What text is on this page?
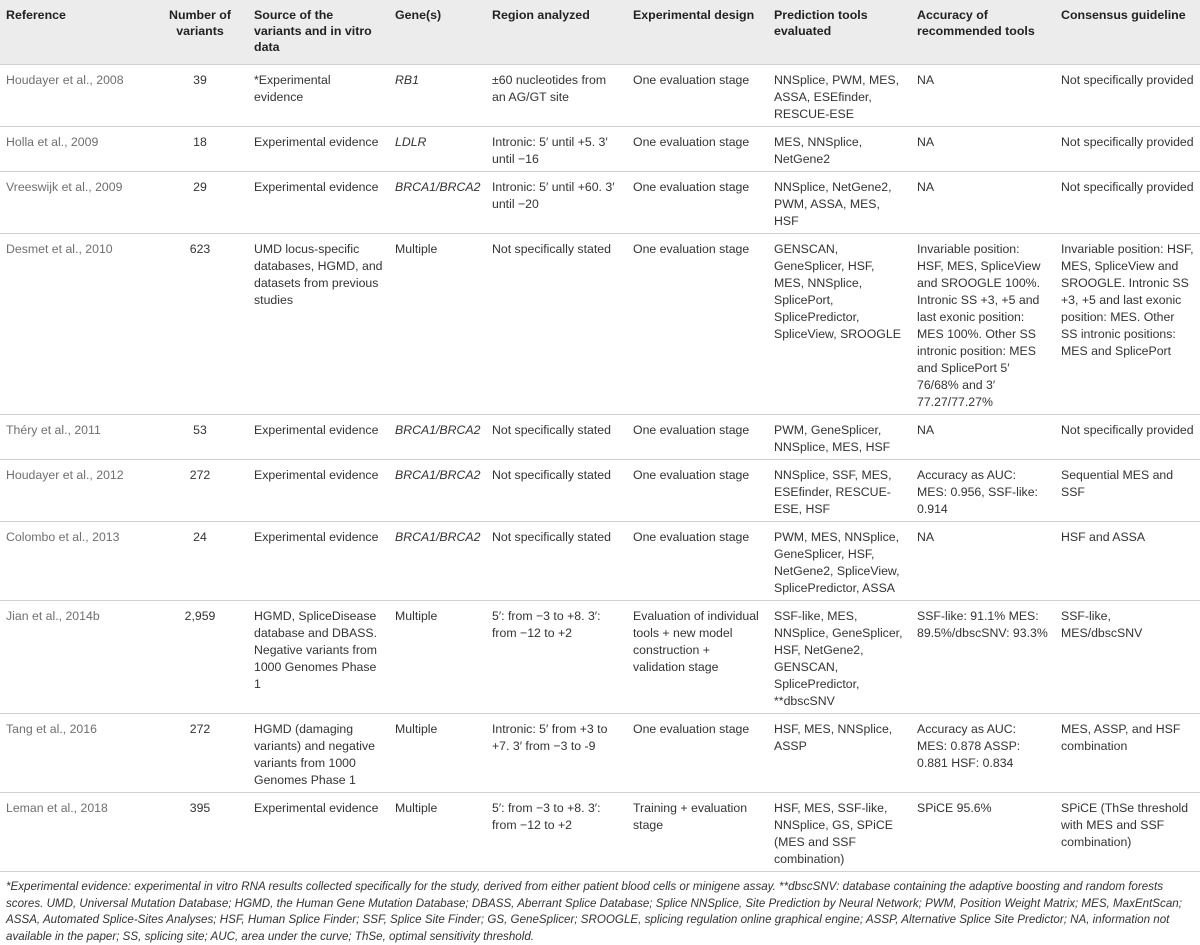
Reference	Number of variants	Source of the variants and in vitro data	Gene(s)	Region analyzed	Experimental design	Prediction tools evaluated	Accuracy of recommended tools	Consensus guideline
Houdayer et al., 2008	39	*Experimental evidence	RB1	±60 nucleotides from an AG/GT site	One evaluation stage	NNSplice, PWM, MES, ASSA, ESEfinder, RESCUE-ESE	NA	Not specifically provided
Holla et al., 2009	18	Experimental evidence	LDLR	Intronic: 5′ until +5. 3′ until −16	One evaluation stage	MES, NNSplice, NetGene2	NA	Not specifically provided
Vreeswijk et al., 2009	29	Experimental evidence	BRCA1/BRCA2	Intronic: 5′ until +60. 3′ until −20	One evaluation stage	NNSplice, NetGene2, PWM, ASSA, MES, HSF	NA	Not specifically provided
Desmet et al., 2010	623	UMD locus-specific databases, HGMD, and datasets from previous studies	Multiple	Not specifically stated	One evaluation stage	GENSCAN, GeneSplicer, HSF, MES, NNSplice, SplicePort, SplicePredictor, SpliceView, SROOGLE	Invariable position: HSF, MES, SpliceView and SROOGLE 100%. Intronic SS +3, +5 and last exonic position: MES 100%. Other SS intronic position: MES and SplicePort 5′ 76/68% and 3′ 77.27/77.27%	Invariable position: HSF, MES, SpliceView and SROOGLE. Intronic SS +3, +5 and last exonic position: MES. Other SS intronic positions: MES and SplicePort
Théry et al., 2011	53	Experimental evidence	BRCA1/BRCA2	Not specifically stated	One evaluation stage	PWM, GeneSplicer, NNSplice, MES, HSF	NA	Not specifically provided
Houdayer et al., 2012	272	Experimental evidence	BRCA1/BRCA2	Not specifically stated	One evaluation stage	NNSplice, SSF, MES, ESEfinder, RESCUE-ESE, HSF	Accuracy as AUC: MES: 0.956, SSF-like: 0.914	Sequential MES and SSF
Colombo et al., 2013	24	Experimental evidence	BRCA1/BRCA2	Not specifically stated	One evaluation stage	PWM, MES, NNSplice, GeneSplicer, HSF, NetGene2, SpliceView, SplicePredictor, ASSA	NA	HSF and ASSA
Jian et al., 2014b	2,959	HGMD, SpliceDisease database and DBASS. Negative variants from 1000 Genomes Phase 1	Multiple	5′: from −3 to +8. 3′: from −12 to +2	Evaluation of individual tools + new model construction + validation stage	SSF-like, MES, NNSplice, GeneSplicer, HSF, NetGene2, GENSCAN, SplicePredictor, **dbscSNV	SSF-like: 91.1% MES: 89.5%/dbscSNV: 93.3%	SSF-like, MES/dbscSNV
Tang et al., 2016	272	HGMD (damaging variants) and negative variants from 1000 Genomes Phase 1	Multiple	Intronic: 5′ from +3 to +7. 3′ from −3 to -9	One evaluation stage	HSF, MES, NNSplice, ASSP	Accuracy as AUC: MES: 0.878 ASSP: 0.881 HSF: 0.834	MES, ASSP, and HSF combination
Leman et al., 2018	395	Experimental evidence	Multiple	5′: from −3 to +8. 3′: from −12 to +2	Training + evaluation stage	HSF, MES, SSF-like, NNSplice, GS, SPiCE (MES and SSF combination)	SPiCE 95.6%	SPiCE (ThSe threshold with MES and SSF combination)

*Experimental evidence: experimental in vitro RNA results collected specifically for the study, derived from either patient blood cells or minigene assay. **dbscSNV: database containing the adaptive boosting and random forests scores. UMD, Universal Mutation Database; HGMD, the Human Gene Mutation Database; DBASS, Aberrant Splice Database; Splice NNSplice, Site Prediction by Neural Network; PWM, Position Weight Matrix; MES, MaxEntScan; ASSA, Automated Splice-Sites Analyses; HSF, Human Splice Finder; SSF, Splice Site Finder; GS, GeneSplicer; SROOGLE, splicing regulation online graphical engine; ASSP, Alternative Splice Site Predictor; NA, information not available in the paper; SS, splicing site; AUC, area under the curve; ThSe, optimal sensitivity threshold.
